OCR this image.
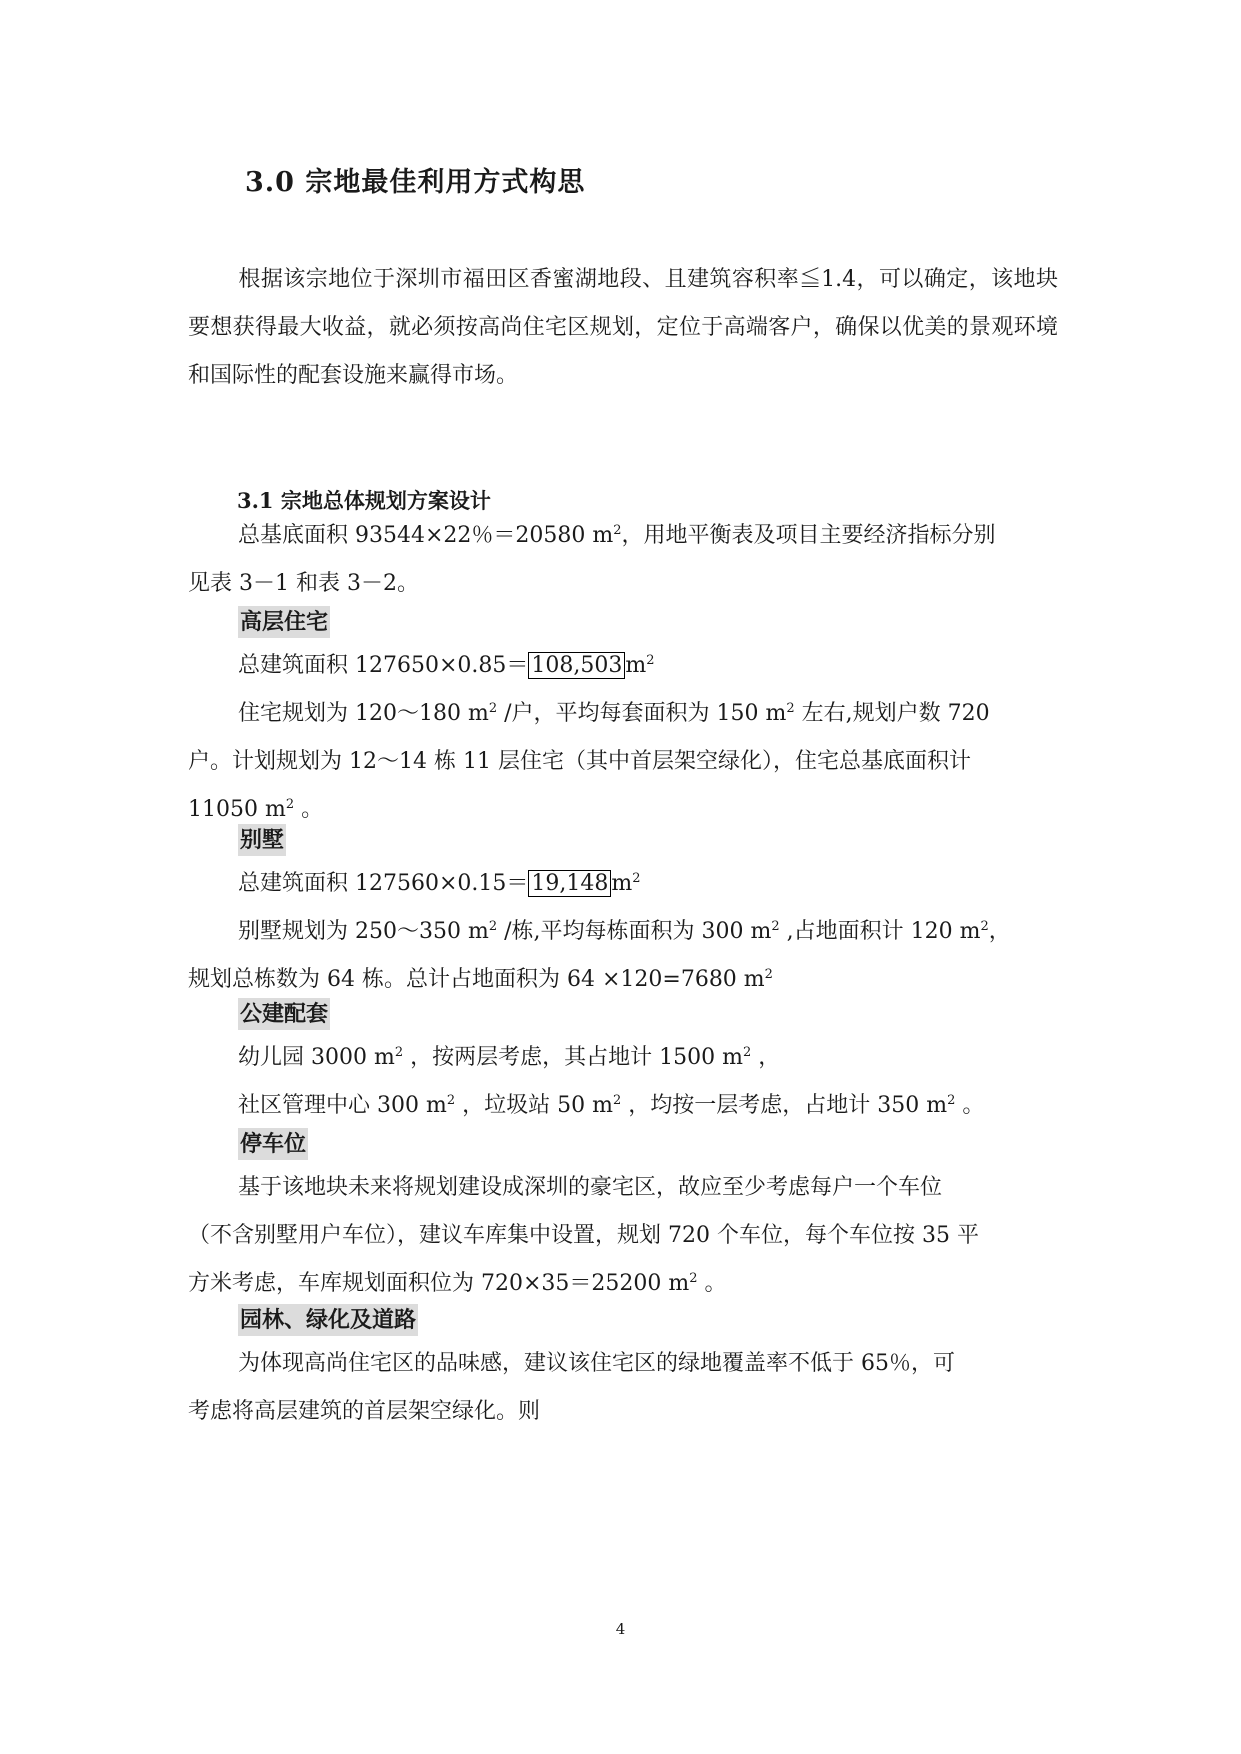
3.0 宗地最佳利用方式构思
根据该宗地位于深圳市福田区香蜜湖地段、且建筑容积率≦1.4，可以确定，该地块要想获得最大收益，就必须按高尚住宅区规划，定位于高端客户，确保以优美的景观环境和国际性的配套设施来赢得市场。
3.1 宗地总体规划方案设计
总基底面积 93544×22％＝20580 $m^2$，用地平衡表及项目主要经济指标分别
见表 3－1 和表 3－2。
高层住宅
总建筑面积 127650×0.85＝ 108,503 $m^2$
住宅规划为 120～180 $m^2$ /户，平均每套面积为 150 $m^2$ 左右,规划户数 720
户。计划规划为 12～14 栋 11 层住宅（其中首层架空绿化），住宅总基底面积计
11050 $m^2$ 。
别墅
总建筑面积 127560×0.15＝ 19,148 $m^2$
别墅规划为 250～350 $m^2$ /栋,平均每栋面积为 300 $m^2$ ,占地面积计 120 $m^2$，
规划总栋数为 64 栋。总计占地面积为 64 ×120=7680 $m^2$
公建配套
幼儿园 3000 $m^2$ ，按两层考虑，其占地计 1500 $m^2$ ，
社区管理中心 300 $m^2$ ，垃圾站 50 $m^2$ ，均按一层考虑，占地计 350 $m^2$ 。
停车位
基于该地块未来将规划建设成深圳的豪宅区，故应至少考虑每户一个车位
（不含别墅用户车位），建议车库集中设置，规划 720 个车位，每个车位按 35 平
方米考虑，车库规划面积位为 720×35＝25200 $m^2$ 。
园林、绿化及道路
为体现高尚住宅区的品味感，建议该住宅区的绿地覆盖率不低于 65％，可
考虑将高层建筑的首层架空绿化。则
4
